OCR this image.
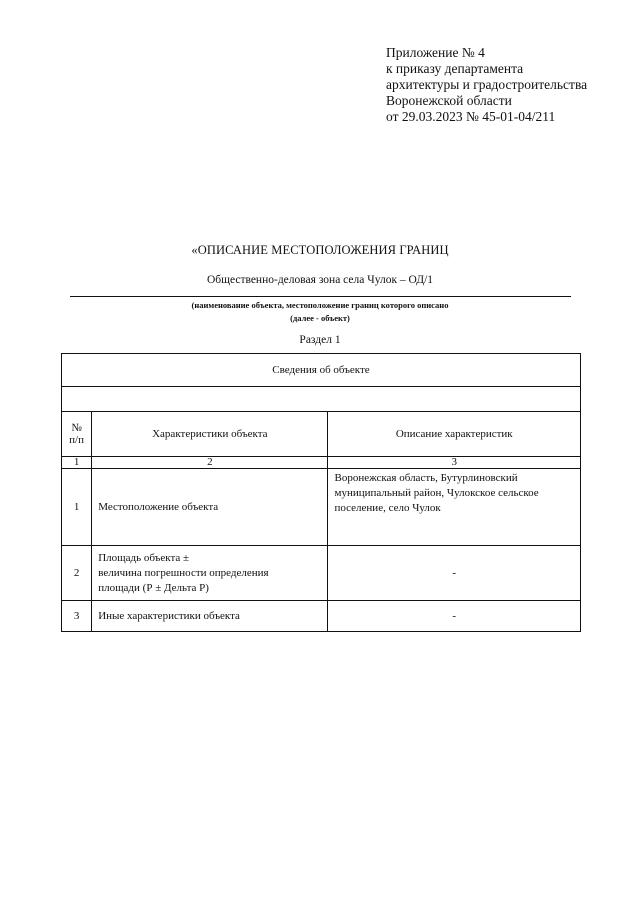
Приложение № 4
к приказу департамента
архитектуры и градостроительства
Воронежской области
от 29.03.2023 № 45-01-04/211
«ОПИСАНИЕ МЕСТОПОЛОЖЕНИЯ ГРАНИЦ
Общественно-деловая зона села Чулок – ОД/1
(наименование объекта, местоположение границ которого описано
(далее - объект)
Раздел 1
Сведения об объекте		

№
п/п	Характеристики объекта	Описание характеристик
1	2	3
1	Местоположение объекта	Воронежская область, Бутурлиновский муниципальный район, Чулокское сельское поселение, село Чулок
2	Площадь объекта ±
величина погрешности определения
площади (Р ± Дельта Р)	-
3	Иные характеристики объекта	-
